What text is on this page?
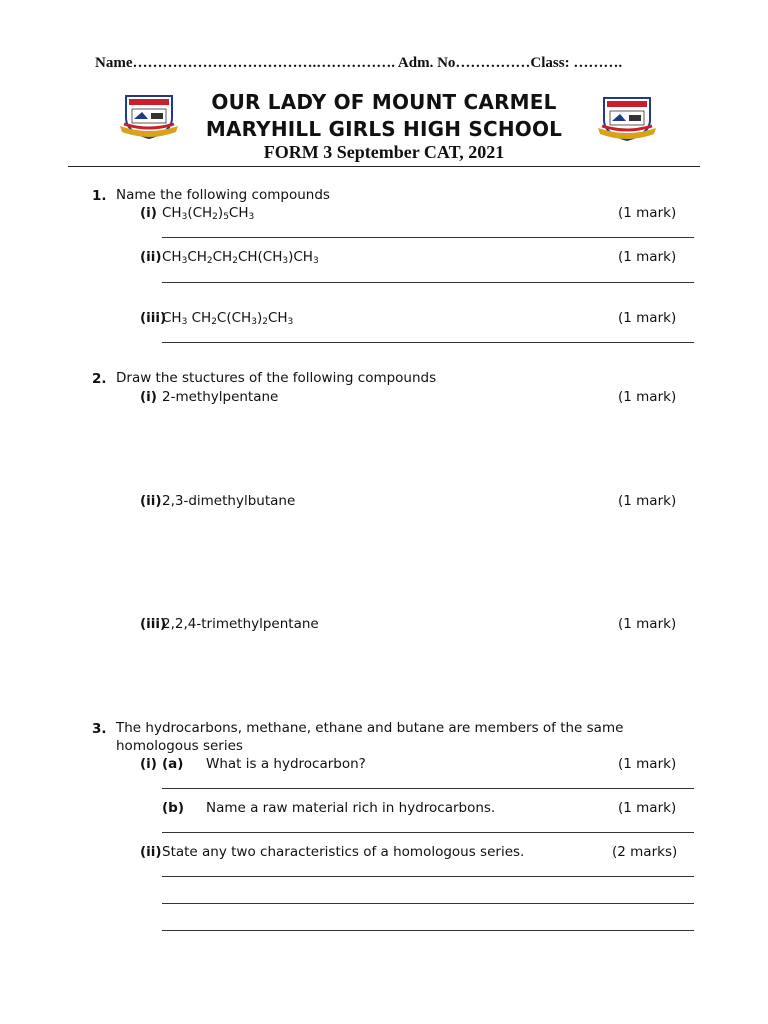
Name……………………………….……………. Adm. No……………Class: ……….
OUR LADY OF MOUNT CARMEL
MARYHILL GIRLS HIGH SCHOOL
FORM 3 September CAT, 2021
1. Name the following compounds
(i) $CH_3(CH_2)_5CH_3$	(1 mark)
(ii) $CH_3CH_2CH_2CH(CH_3)CH_3$	(1 mark)
(iii)
$CH_3$ $CH_2C(CH_3)_2CH_3$	(1 mark)
2. Draw the stuctures of the following compounds
(i) 2-methylpentane	(1 mark)
(ii) 2,3-dimethylbutane	(1 mark)
(iii)
2,2,4-trimethylpentane	(1 mark)
3. The hydrocarbons, methane, ethane and butane are members of the same
homologous series
(i) (a) What is a hydrocarbon?	(1 mark)
(b) Name a raw material rich in hydrocarbons.	(1 mark)
(ii) State any two characteristics of a homologous series.	(2 marks)
